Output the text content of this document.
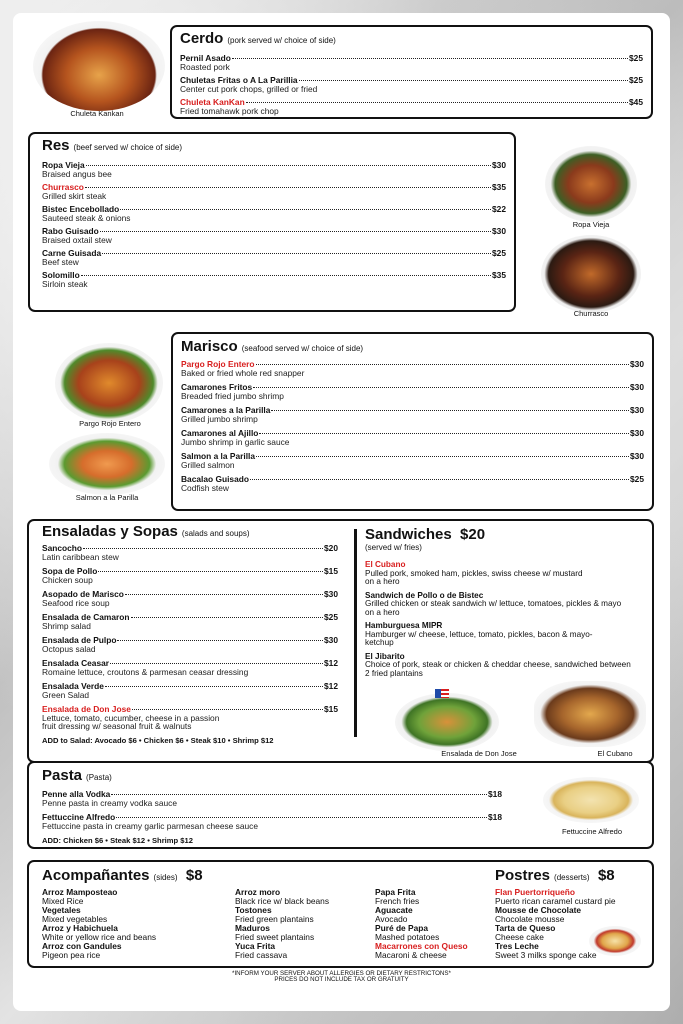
Chuleta Kankan
Cerdo (pork served w/ choice of side)
Pernil Asado	$25
Roasted pork
Chuletas Fritas o A La Parillia	$25
Center cut pork chops, grilled or fried
Chuleta KanKan	$45
Fried tomahawk pork chop
Res (beef served w/ choice of side)
Ropa Vieja	$30
Braised angus bee
Churrasco	$35
Grilled skirt steak
Bistec Encebollado	$22
Sauteed steak & onions
Rabo Guisado	$30
Braised oxtail stew
Carne Guisada	$25
Beef stew
Solomillo	$35
Sirloin steak
Ropa Vieja
Churrasco
Pargo Rojo Entero
Salmon a la Parilla
Marisco (seafood served w/ choice of side)
Pargo Rojo Entero	$30
Baked or fried whole red snapper
Camarones Fritos	$30
Breaded fried jumbo shrimp
Camarones a la Parilla	$30
Grilled jumbo shrimp
Camarones al Ajillo	$30
Jumbo shrimp in garlic sauce
Salmon a la Parilla	$30
Grilled salmon
Bacalao Guisado	$25
Codfish stew
Ensaladas y Sopas (salads and soups)
Sancocho	$20
Latin caribbean stew
Sopa de Pollo	$15
Chicken soup
Asopado de Marisco	$30
Seafood rice soup
Ensalada de Camaron	$25
Shrimp salad
Ensalada de Pulpo	$30
Octopus salad
Ensalada Ceasar	$12
Romaine lettuce, croutons & parmesan ceasar dressing
Ensalada Verde	$12
Green Salad
Ensalada de Don Jose	$15
Lettuce, tomato, cucumber, cheese in a passion fruit dressing w/ seasonal fruit & walnuts
ADD to Salad: Avocado $6 • Chicken $6 • Steak $10 • Shrimp $12
Sandwiches $20
(served w/ fries)
El Cubano
Pulled pork, smoked ham, pickles, swiss cheese w/ mustard on a hero
Sandwich de Pollo o de Bistec
Grilled chicken or steak sandwich w/ lettuce, tomatoes, pickles & mayo on a hero
Hamburguesa MIPR
Hamburger w/ cheese, lettuce, tomato, pickles, bacon & mayo-ketchup
El Jibarito
Choice of pork, steak or chicken & cheddar cheese, sandwiched between 2 fried plantains
Ensalada de Don Jose	El Cubano
Pasta (Pasta)
Penne alla Vodka	$18
Penne pasta in creamy vodka sauce
Fettuccine Alfredo	$18
Fettuccine pasta in creamy garlic parmesan cheese sauce
ADD: Chicken $6 • Steak $12 • Shrimp $12
Fettuccine Alfredo
Acompañantes (sides) $8
Arroz Mamposteao
Mixed Rice
Vegetales
Mixed vegetables
Arroz y Habichuela
White or yellow rice and beans
Arroz con Gandules
Pigeon pea rice
Arroz moro
Black rice w/ black beans
Tostones
Fried green plantains
Maduros
Fried sweet plantains
Yuca Frita
Fried cassava
Papa Frita
French fries
Aguacate
Avocado
Puré de Papa
Mashed potatoes
Macarrones con Queso
Macaroni & cheese
Postres (desserts) $8
Flan Puertorriqueño
Puerto rican caramel custard pie
Mousse de Chocolate
Chocolate mousse
Tarta de Queso
Cheese cake
Tres Leche
Sweet 3 milks sponge cake
*INFORM YOUR SERVER ABOUT ALLERGIES OR DIETARY RESTRICTONS*
PRICES DO NOT INCLUDE TAX OR GRATUITY
